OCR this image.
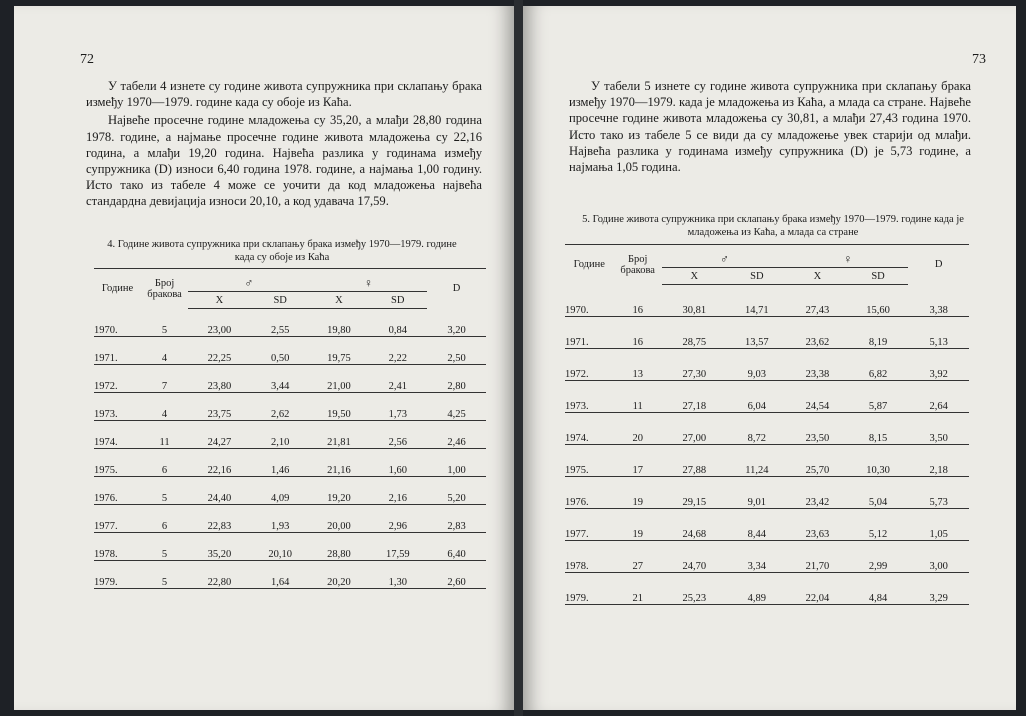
72

У табели 4 изнете су године живота супружника при склапању брака између 1970—1979. године када су обоје из Каћа.

Највеће просечне године младожења су 35,20, а млађи 28,80 година 1978. године, а најмање просечне године живота младожења су 22,16 година, а млађи 19,20 година. Највећа разлика у годинама између супружника (D) износи 6,40 година 1978. године, а најмања 1,00 годину. Исто тако из табеле 4 може се уочити да код младожења највећа стандардна девијација износи 20,10, а код удавача 17,59.

4. Године живота супружника при склапању брака између 1970—1979. године када су обоје из Каћа
Године	Број бракова	♂		♀		D
		X	SD	X	SD	
1970.	5	23,00	2,55	19,80	0,84	3,20
1971.	4	22,25	0,50	19,75	2,22	2,50
1972.	7	23,80	3,44	21,00	2,41	2,80
1973.	4	23,75	2,62	19,50	1,73	4,25
1974.	11	24,27	2,10	21,81	2,56	2,46
1975.	6	22,16	1,46	21,16	1,60	1,00
1976.	5	24,40	4,09	19,20	2,16	5,20
1977.	6	22,83	1,93	20,00	2,96	2,83
1978.	5	35,20	20,10	28,80	17,59	6,40
1979.	5	22,80	1,64	20,20	1,30	2,60
73

У табели 5 изнете су године живота супружника при склапању брака између 1970—1979. када је младожења из Каћа, а млада са стране. Највеће просечне године живота младожења су 30,81, а млађи 27,43 година 1970. Исто тако из табеле 5 се види да су младожење увек старији од млађи. Највећа разлика у годинама између супружника (D) је 5,73 године, а најмања 1,05 година.

5. Године живота супружника при склапању брака између 1970—1979. године када је младожења из Каћа, а млада са стране
Године	Број бракова	♂		♀		D
		X	SD	X	SD	
1970.	16	30,81	14,71	27,43	15,60	3,38
1971.	16	28,75	13,57	23,62	8,19	5,13
1972.	13	27,30	9,03	23,38	6,82	3,92
1973.	11	27,18	6,04	24,54	5,87	2,64
1974.	20	27,00	8,72	23,50	8,15	3,50
1975.	17	27,88	11,24	25,70	10,30	2,18
1976.	19	29,15	9,01	23,42	5,04	5,73
1977.	19	24,68	8,44	23,63	5,12	1,05
1978.	27	24,70	3,34	21,70	2,99	3,00
1979.	21	25,23	4,89	22,04	4,84	3,29
